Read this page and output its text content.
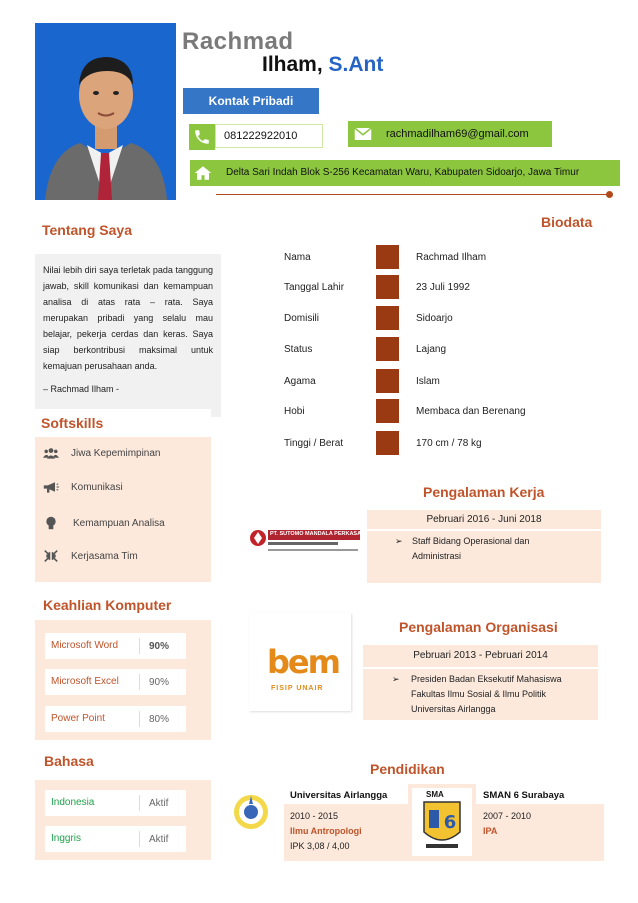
Rachmad
Ilham, S.Ant
Kontak Pribadi
081222922010	rachmadilham69@gmail.com
Delta Sari Indah Blok S-256 Kecamatan Waru, Kabupaten Sidoarjo, Jawa Timur
Tentang Saya
Nilai lebih diri saya terletak pada tanggung jawab, skill komunikasi dan kemampuan analisa di atas rata – rata. Saya merupakan pribadi yang selalu mau belajar, pekerja cerdas dan keras. Saya siap berkontribusi maksimal untuk kemajuan perusahaan anda.
– Rachmad Ilham -
Softskills
Jiwa Kepemimpinan
Komunikasi
Kemampuan Analisa
Kerjasama Tim
Keahlian Komputer
Microsoft Word	90%
Microsoft Excel	90%
Power Point	80%
Bahasa
Indonesia	Aktif
Inggris	Aktif
Biodata
Nama	Rachmad Ilham
Tanggal Lahir	23 Juli 1992
Domisili	Sidoarjo
Status	Lajang
Agama	Islam
Hobi	Membaca dan Berenang
Tinggi / Berat	170 cm / 78 kg
Pengalaman Kerja
PT. SUTOMO MANDALA PERKASA
Pebruari 2016 - Juni 2018
➢ Staff Bidang Operasional dan Administrasi
Pengalaman Organisasi
bem
FISIP UNAIR
Pebruari 2013 - Pebruari 2014
➢ Presiden Badan Eksekutif Mahasiswa Fakultas Ilmu Sosial & Ilmu Politik Universitas Airlangga
Pendidikan
Universitas Airlangga
2010 - 2015
Ilmu Antropologi
IPK 3,08 / 4,00
6
SMA	SMAN 6 Surabaya
2007 - 2010
IPA
